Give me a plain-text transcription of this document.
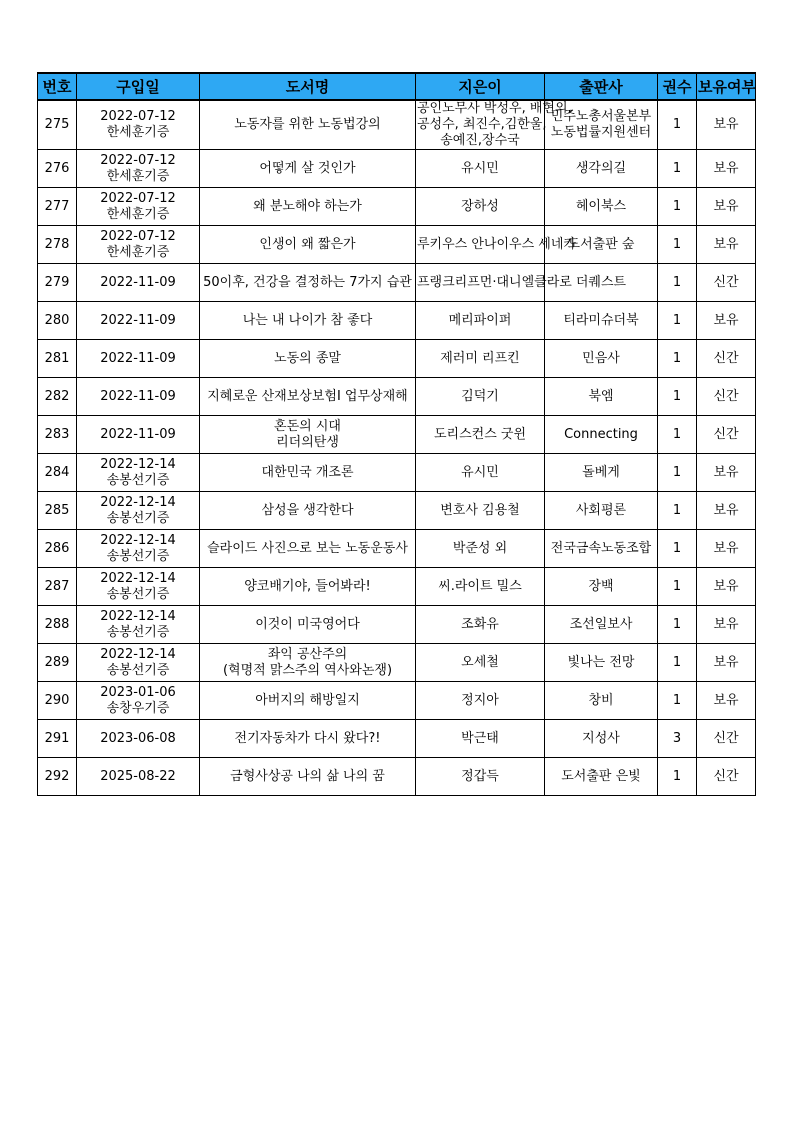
번호	구입일	도서명	지은이	출판사	권수	보유여부
275	2022-07-12
한세훈기증	노동자를 위한 노동법강의	공인노무사 박성우, 배현의,
공성수, 최진수,김한울,
송예진,장수국	민주노총서울본부
노동법률지원센터	1	보유
276	2022-07-12
한세훈기증	어떻게 살 것인가	유시민	생각의길	1	보유
277	2022-07-12
한세훈기증	왜 분노해야 하는가	장하성	헤이북스	1	보유
278	2022-07-12
한세훈기증	인생이 왜 짧은가	루키우스 안나이우스 세네카	도서출판 숲	1	보유
279	2022-11-09	50이후, 건강을 결정하는 7가지 습관	프랭크리프먼·대니엘클라로	더퀘스트	1	신간
280	2022-11-09	나는 내 나이가 참 좋다	메리파이퍼	티라미슈더북	1	보유
281	2022-11-09	노동의 종말	제러미 리프킨	민음사	1	신간
282	2022-11-09	지혜로운 산재보상보험Ⅰ 업무상재해	김덕기	북엠	1	신간
283	2022-11-09	혼돈의 시대
리더의탄생	도리스컨스 굿윈	Connecting	1	신간
284	2022-12-14
송봉선기증	대한민국 개조론	유시민	돌베게	1	보유
285	2022-12-14
송봉선기증	삼성을 생각한다	변호사 김용철	사회평론	1	보유
286	2022-12-14
송봉선기증	슬라이드 사진으로 보는 노동운동사	박준성 외	전국금속노동조합	1	보유
287	2022-12-14
송봉선기증	양코배기야, 들어봐라!	씨.라이트 밀스	장백	1	보유
288	2022-12-14
송봉선기증	이것이 미국영어다	조화유	조선일보사	1	보유
289	2022-12-14
송봉선기증	좌익 공산주의
(혁명적 맑스주의 역사와논쟁)	오세철	빛나는 전망	1	보유
290	2023-01-06
송창우기증	아버지의 해방일지	정지아	창비	1	보유
291	2023-06-08	전기자동차가 다시 왔다?!	박근태	지성사	3	신간
292	2025-08-22	금형사상공 나의 삶 나의 꿈	정갑득	도서출판 은빛	1	신간
